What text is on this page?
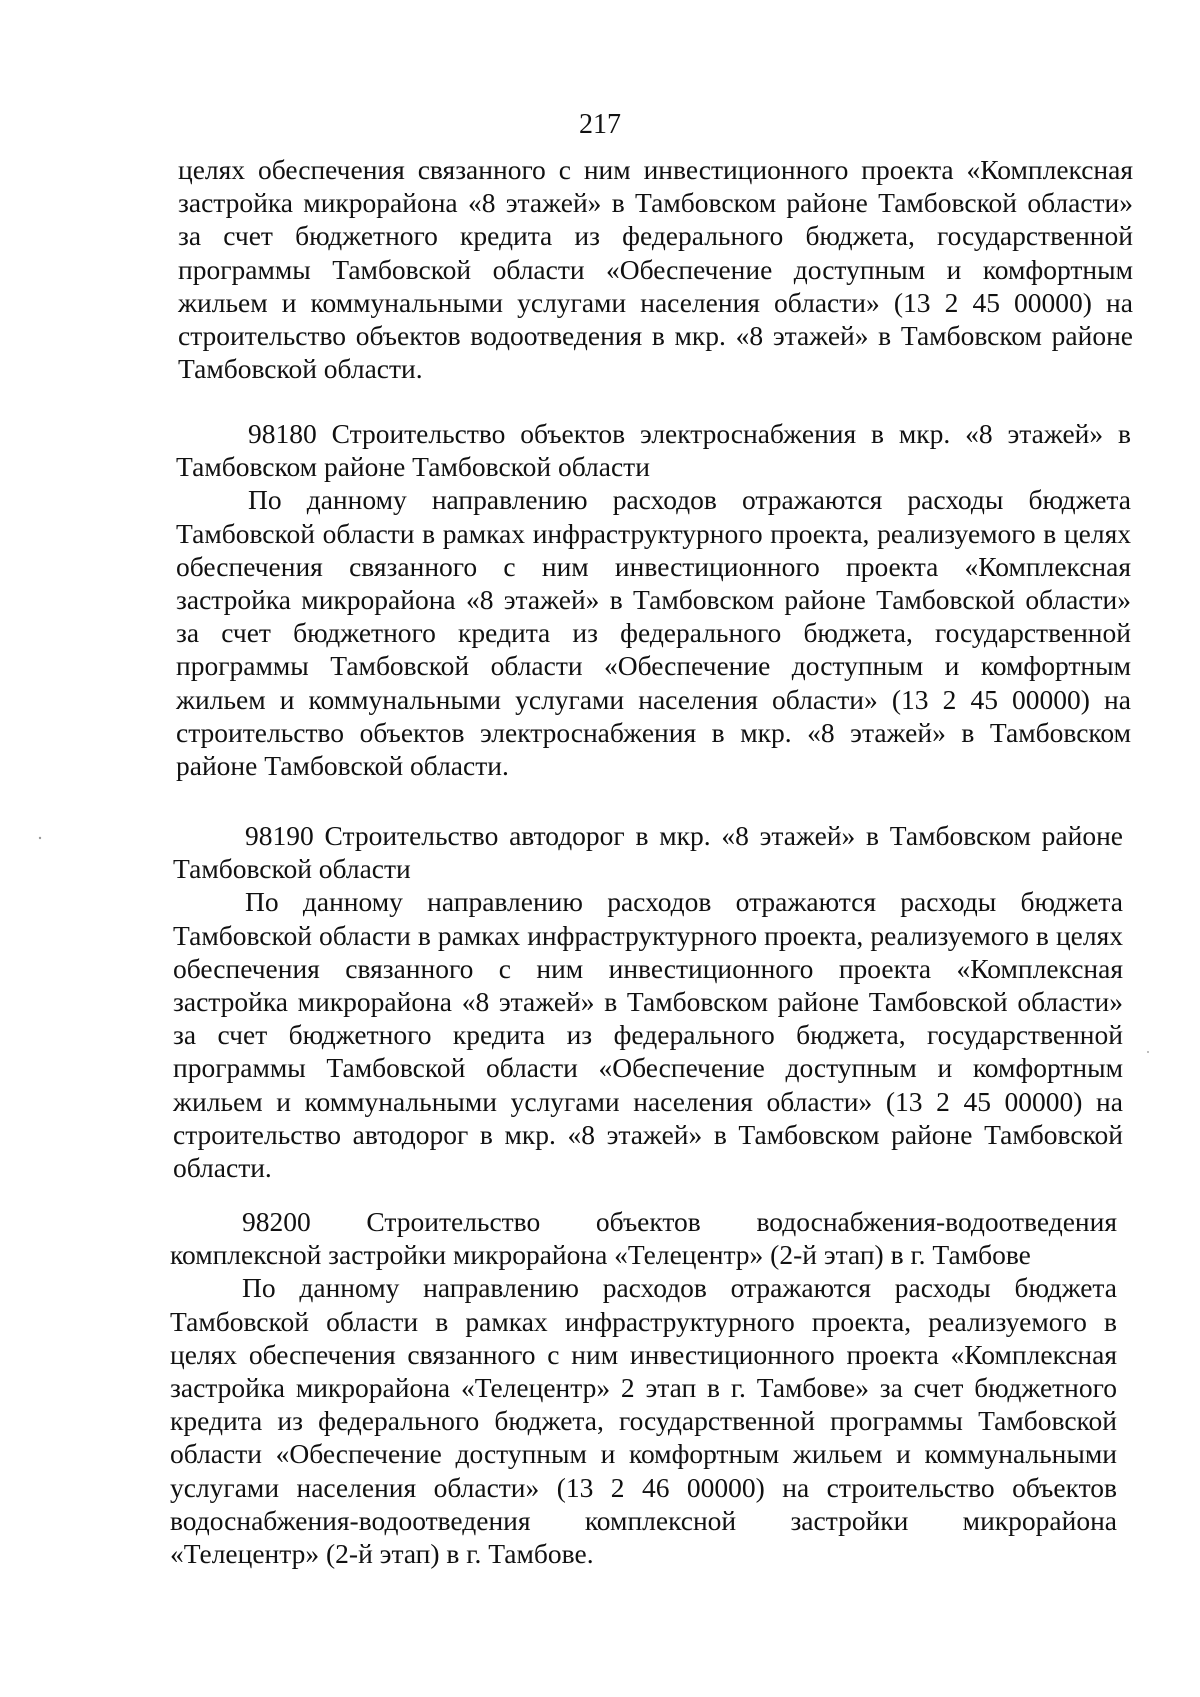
217

целях обеспечения связанного с ним инвестиционного проекта «Комплексная застройка микрорайона «8 этажей» в Тамбовском районе Тамбовской области» за счет бюджетного кредита из федерального бюджета, государственной программы Тамбовской области «Обеспечение доступным и комфортным жильем и коммунальными услугами населения области» (13 2 45 00000) на строительство объектов водоотведения в мкр. «8 этажей» в Тамбовском районе Тамбовской области.

98180 Строительство объектов электроснабжения в мкр. «8 этажей» в Тамбовском районе Тамбовской области

По данному направлению расходов отражаются расходы бюджета Тамбовской области в рамках инфраструктурного проекта, реализуемого в целях обеспечения связанного с ним инвестиционного проекта «Комплексная застройка микрорайона «8 этажей» в Тамбовском районе Тамбовской области» за счет бюджетного кредита из федерального бюджета, государственной программы Тамбовской области «Обеспечение доступным и комфортным жильем и коммунальными услугами населения области» (13 2 45 00000) на строительство объектов электроснабжения в мкр. «8 этажей» в Тамбовском районе Тамбовской области.

98190 Строительство автодорог в мкр. «8 этажей» в Тамбовском районе Тамбовской области

По данному направлению расходов отражаются расходы бюджета Тамбовской области в рамках инфраструктурного проекта, реализуемого в целях обеспечения связанного с ним инвестиционного проекта «Комплексная застройка микрорайона «8 этажей» в Тамбовском районе Тамбовской области» за счет бюджетного кредита из федерального бюджета, государственной программы Тамбовской области «Обеспечение доступным и комфортным жильем и коммунальными услугами населения области» (13 2 45 00000) на строительство автодорог в мкр. «8 этажей» в Тамбовском районе Тамбовской области.

98200 Строительство объектов водоснабжения-водоотведения комплексной застройки микрорайона «Телецентр» (2-й этап) в г. Тамбове

По данному направлению расходов отражаются расходы бюджета Тамбовской области в рамках инфраструктурного проекта, реализуемого в целях обеспечения связанного с ним инвестиционного проекта «Комплексная застройка микрорайона «Телецентр» 2 этап в г. Тамбове» за счет бюджетного кредита из федерального бюджета, государственной программы Тамбовской области «Обеспечение доступным и комфортным жильем и коммунальными услугами населения области» (13 2 46 00000) на строительство объектов водоснабжения-водоотведения комплексной застройки микрорайона «Телецентр» (2-й этап) в г. Тамбове.
